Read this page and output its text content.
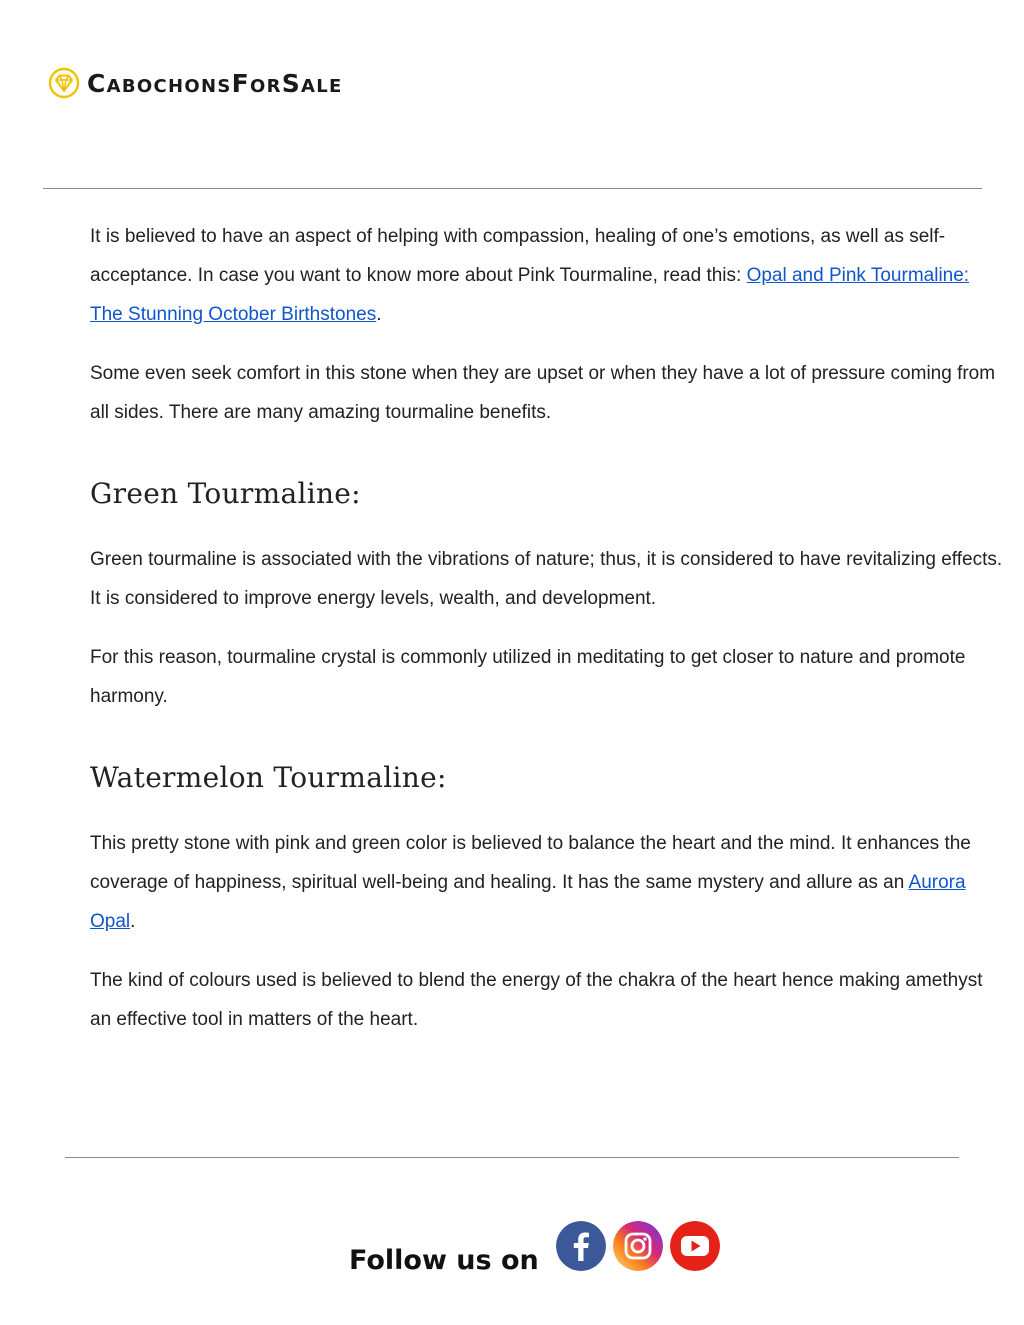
CabochonsForSale

It is believed to have an aspect of helping with compassion, healing of one’s emotions, as well as self-acceptance. In case you want to know more about Pink Tourmaline, read this: Opal and Pink Tourmaline: The Stunning October Birthstones.

Some even seek comfort in this stone when they are upset or when they have a lot of pressure coming from all sides. There are many amazing tourmaline benefits.

Green Tourmaline:

Green tourmaline is associated with the vibrations of nature; thus, it is considered to have revitalizing effects. It is considered to improve energy levels, wealth, and development.

For this reason, tourmaline crystal is commonly utilized in meditating to get closer to nature and promote harmony.

Watermelon Tourmaline:

This pretty stone with pink and green color is believed to balance the heart and the mind. It enhances the coverage of happiness, spiritual well-being and healing. It has the same mystery and allure as an Aurora Opal.

The kind of colours used is believed to blend the energy of the chakra of the heart hence making amethyst an effective tool in matters of the heart.

Follow us on
